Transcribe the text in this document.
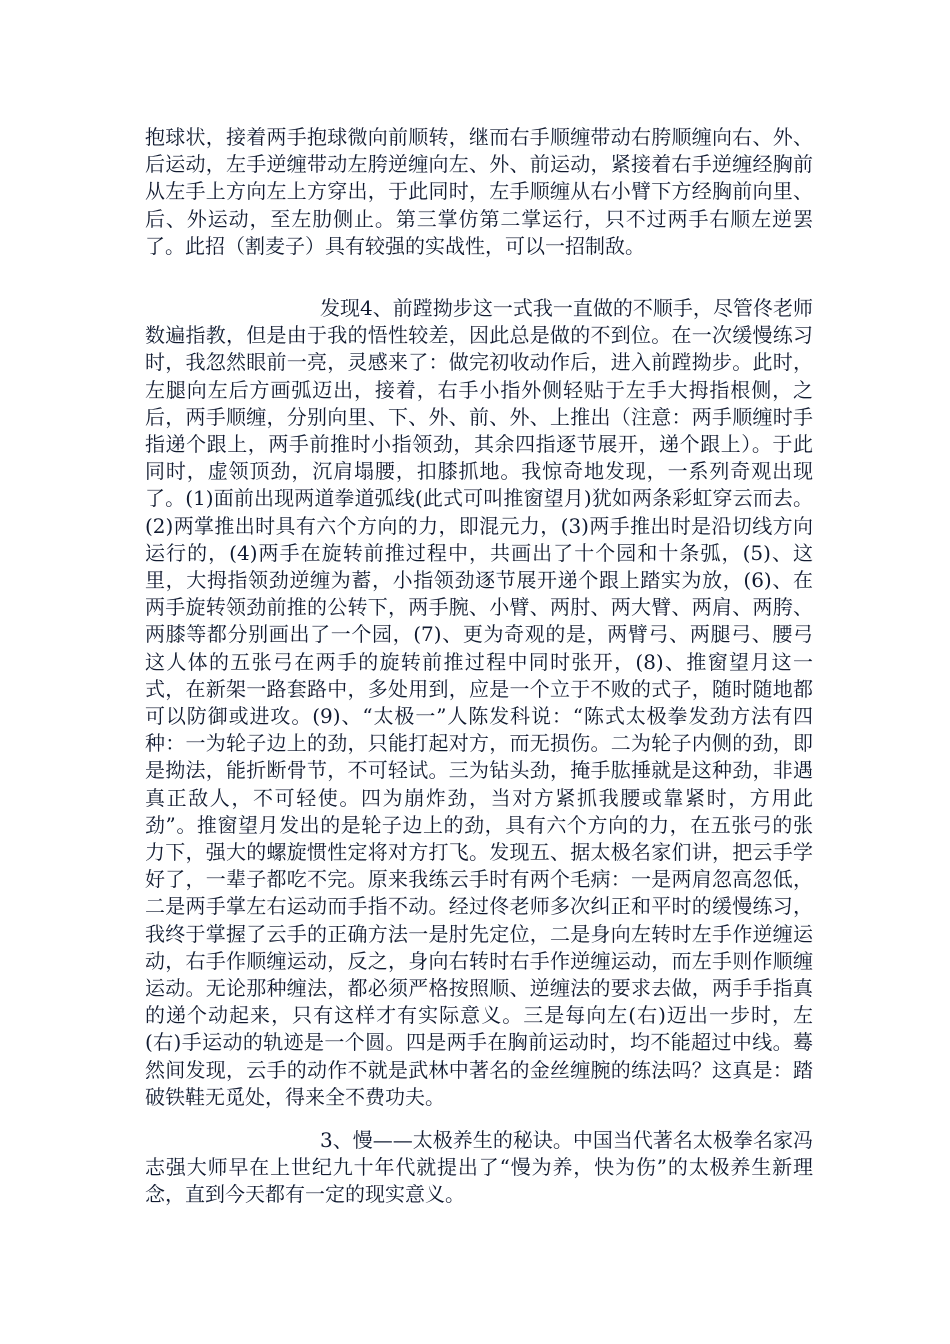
抱球状，接着两手抱球微向前顺转，继而右手顺缠带动右胯顺缠向右、外、后运动，左手逆缠带动左胯逆缠向左、外、前运动，紧接着右手逆缠经胸前从左手上方向左上方穿出，于此同时，左手顺缠从右小臂下方经胸前向里、后、外运动，至左肋侧止。第三掌仿第二掌运行，只不过两手右顺左逆罢了。此招（割麦子）具有较强的实战性，可以一招制敌。
发现4、前蹚拗步这一式我一直做的不顺手，尽管佟老师数遍指教，但是由于我的悟性较差，因此总是做的不到位。在一次缓慢练习时，我忽然眼前一亮，灵感来了：做完初收动作后，进入前蹚拗步。此时，左腿向左后方画弧迈出，接着，右手小指外侧轻贴于左手大拇指根侧，之后，两手顺缠，分别向里、下、外、前、外、上推出（注意：两手顺缠时手指递个跟上，两手前推时小指领劲，其余四指逐节展开，递个跟上）。于此同时，虚领顶劲，沉肩塌腰，扣膝抓地。我惊奇地发现，一系列奇观出现了。(1)面前出现两道拳道弧线(此式可叫推窗望月)犹如两条彩虹穿云而去。(2)两掌推出时具有六个方向的力，即混元力，(3)两手推出时是沿切线方向运行的，(4)两手在旋转前推过程中，共画出了十个园和十条弧，(5)、这里，大拇指领劲逆缠为蓄，小指领劲逐节展开递个跟上踏实为放，(6)、在两手旋转领劲前推的公转下，两手腕、小臂、两肘、两大臂、两肩、两胯、两膝等都分别画出了一个园，(7)、更为奇观的是，两臂弓、两腿弓、腰弓这人体的五张弓在两手的旋转前推过程中同时张开，(8)、推窗望月这一式，在新架一路套路中，多处用到，应是一个立于不败的式子，随时随地都可以防御或进攻。(9)、“太极一”人陈发科说：“陈式太极拳发劲方法有四种：一为轮子边上的劲，只能打起对方，而无损伤。二为轮子内侧的劲，即是拗法，能折断骨节，不可轻试。三为钻头劲，掩手肱捶就是这种劲，非遇真正敌人，不可轻使。四为崩炸劲，当对方紧抓我腰或靠紧时，方用此劲”。推窗望月发出的是轮子边上的劲，具有六个方向的力，在五张弓的张力下，强大的螺旋惯性定将对方打飞。发现五、据太极名家们讲，把云手学好了，一辈子都吃不完。原来我练云手时有两个毛病：一是两肩忽高忽低，二是两手掌左右运动而手指不动。经过佟老师多次纠正和平时的缓慢练习，我终于掌握了云手的正确方法一是肘先定位，二是身向左转时左手作逆缠运动，右手作顺缠运动，反之，身向右转时右手作逆缠运动，而左手则作顺缠运动。无论那种缠法，都必须严格按照顺、逆缠法的要求去做，两手手指真的递个动起来，只有这样才有实际意义。三是每向左(右)迈出一步时，左(右)手运动的轨迹是一个圆。四是两手在胸前运动时，均不能超过中线。蓦然间发现，云手的动作不就是武林中著名的金丝缠腕的练法吗？这真是：踏破铁鞋无觅处，得来全不费功夫。
3、慢——太极养生的秘诀。中国当代著名太极拳名家冯志强大师早在上世纪九十年代就提出了“慢为养，快为伤”的太极养生新理念，直到今天都有一定的现实意义。
